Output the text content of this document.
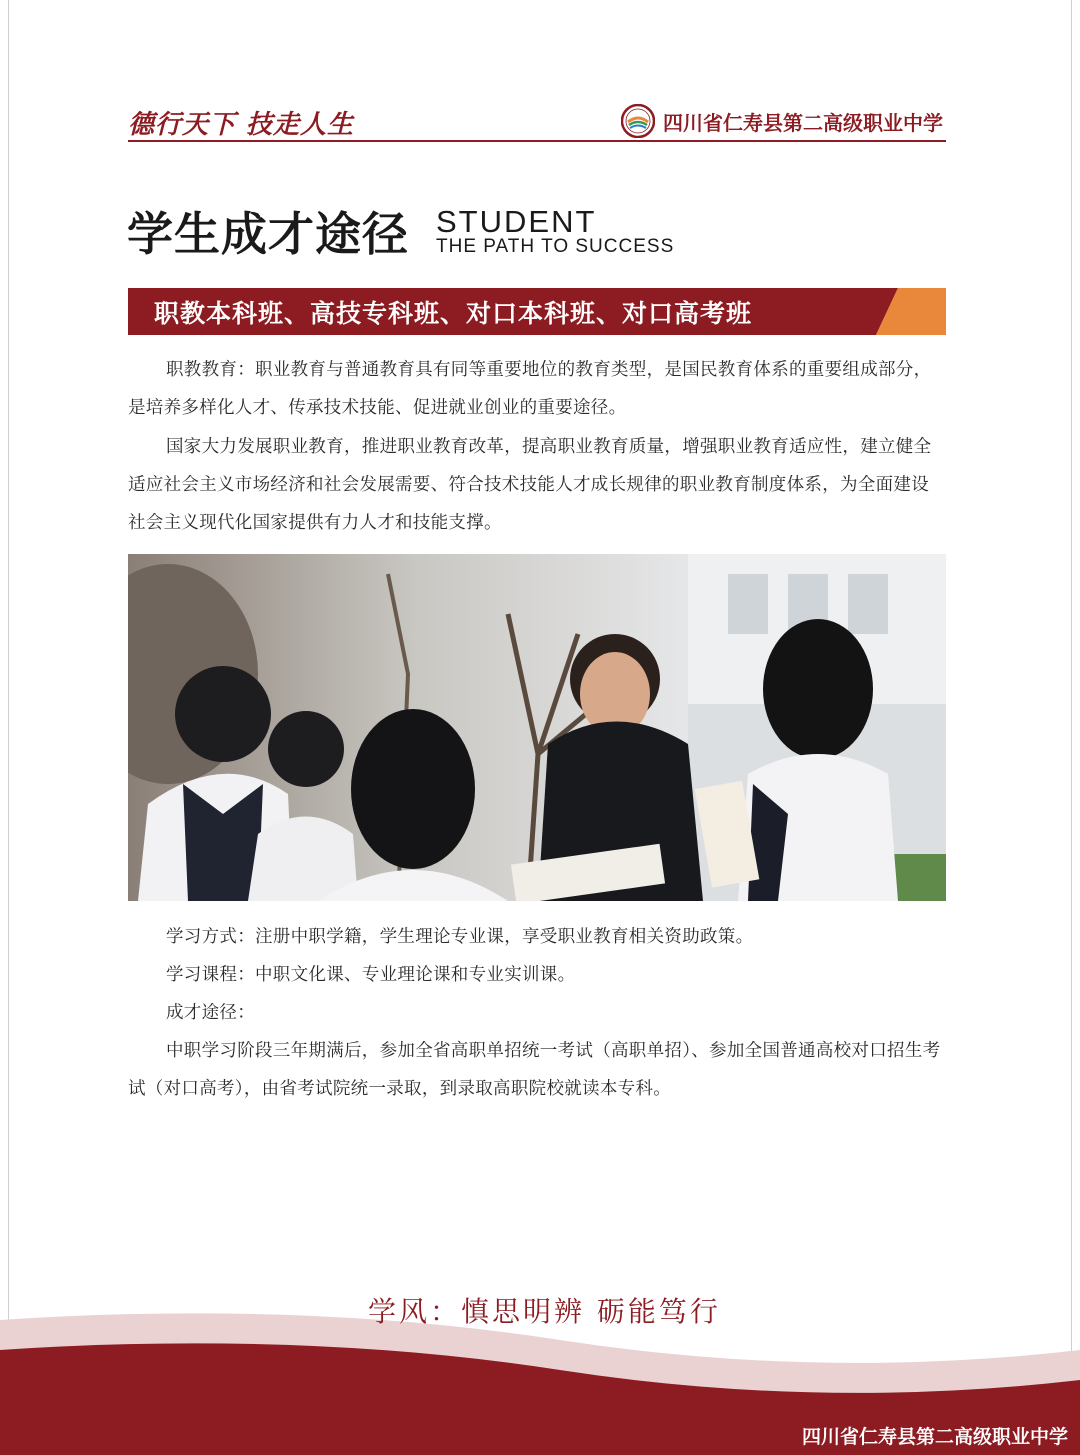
德行天下 技走人生	四川省仁寿县第二高级职业中学
学生成才途径 STUDENT
THE PATH TO SUCCESS
职教本科班、高技专科班、对口本科班、对口高考班

职教教育：职业教育与普通教育具有同等重要地位的教育类型，是国民教育体系的重要组成部分，是培养多样化人才、传承技术技能、促进就业创业的重要途径。

国家大力发展职业教育，推进职业教育改革，提高职业教育质量，增强职业教育适应性，建立健全适应社会主义市场经济和社会发展需要、符合技术技能人才成长规律的职业教育制度体系，为全面建设社会主义现代化国家提供有力人才和技能支撑。

学习方式：注册中职学籍，学生理论专业课，享受职业教育相关资助政策。
学习课程：中职文化课、专业理论课和专业实训课。
成才途径：

中职学习阶段三年期满后，参加全省高职单招统一考试（高职单招）、参加全国普通高校对口招生考试（对口高考），由省考试院统一录取，到录取高职院校就读本专科。

学风：慎思明辨 砺能笃行
四川省仁寿县第二高级职业中学
